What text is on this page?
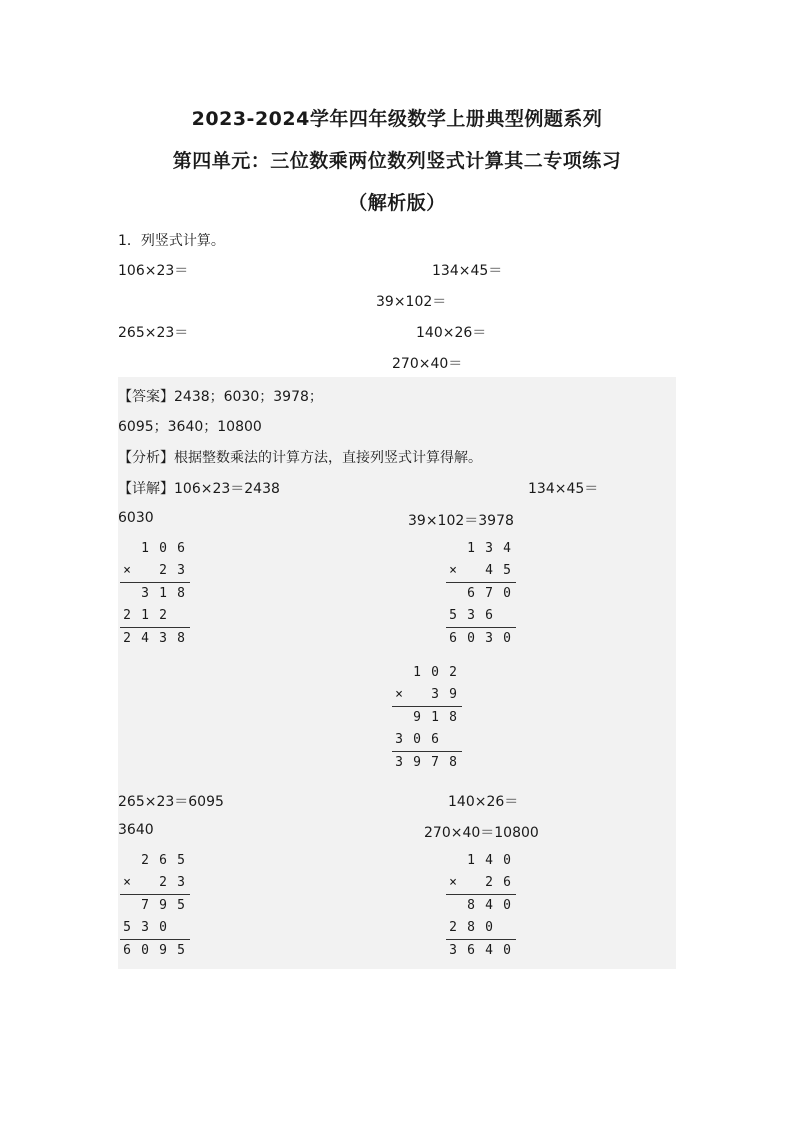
2023-2024学年四年级数学上册典型例题系列
第四单元：三位数乘两位数列竖式计算其二专项练习
（解析版）
1．列竖式计算。
106×23＝	134×45＝
39×102＝
265×23＝	140×26＝
270×40＝
【答案】2438；6030；3978；
6095；3640；10800
【分析】根据整数乘法的计算方法，直接列竖式计算得解。
【详解】106×23＝2438	134×45＝
6030	39×102＝3978
1 0 6
× 2 3
3 1 8
2 1 2
2 4 3 8
1 3 4
× 4 5
6 7 0
5 3 6
6 0 3 0
1 0 2
× 3 9
9 1 8
3 0 6
3 9 7 8
265×23＝6095	140×26＝
3640	270×40＝10800
2 6 5
× 2 3
7 9 5
5 3 0
6 0 9 5
1 4 0
× 2 6
8 4 0
2 8 0
3 6 4 0
